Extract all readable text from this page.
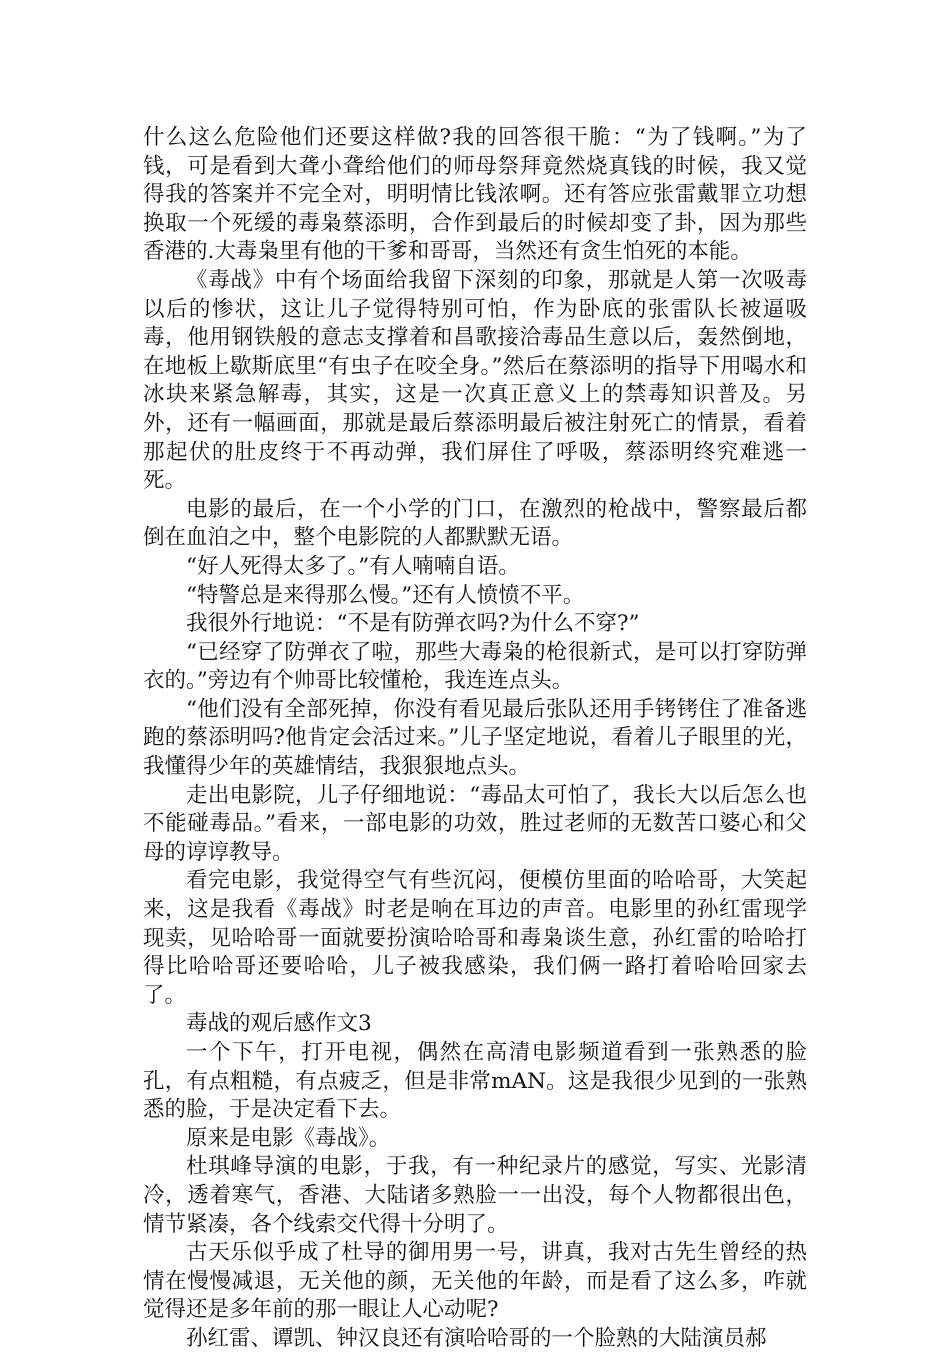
什么这么危险他们还要这样做?我的回答很干脆：“为了钱啊。”为了钱，可是看到大聋小聋给他们的师母祭拜竟然烧真钱的时候，我又觉得我的答案并不完全对，明明情比钱浓啊。还有答应张雷戴罪立功想换取一个死缓的毒枭蔡添明，合作到最后的时候却变了卦，因为那些香港的.大毒枭里有他的干爹和哥哥，当然还有贪生怕死的本能。

《毒战》中有个场面给我留下深刻的印象，那就是人第一次吸毒以后的惨状，这让儿子觉得特别可怕，作为卧底的张雷队长被逼吸毒，他用钢铁般的意志支撑着和昌歌接洽毒品生意以后，轰然倒地，在地板上歇斯底里“有虫子在咬全身。”然后在蔡添明的指导下用喝水和冰块来紧急解毒，其实，这是一次真正意义上的禁毒知识普及。另外，还有一幅画面，那就是最后蔡添明最后被注射死亡的情景，看着那起伏的肚皮终于不再动弹，我们屏住了呼吸，蔡添明终究难逃一死。

电影的最后，在一个小学的门口，在激烈的枪战中，警察最后都倒在血泊之中，整个电影院的人都默默无语。

“好人死得太多了。”有人喃喃自语。

“特警总是来得那么慢。”还有人愤愤不平。

我很外行地说：“不是有防弹衣吗?为什么不穿?”

“已经穿了防弹衣了啦，那些大毒枭的枪很新式，是可以打穿防弹衣的。”旁边有个帅哥比较懂枪，我连连点头。

“他们没有全部死掉，你没有看见最后张队还用手铐铐住了准备逃跑的蔡添明吗?他肯定会活过来。”儿子坚定地说，看着儿子眼里的光，我懂得少年的英雄情结，我狠狠地点头。

走出电影院，儿子仔细地说：“毒品太可怕了，我长大以后怎么也不能碰毒品。”看来，一部电影的功效，胜过老师的无数苦口婆心和父母的谆谆教导。

看完电影，我觉得空气有些沉闷，便模仿里面的哈哈哥，大笑起来，这是我看《毒战》时老是响在耳边的声音。电影里的孙红雷现学现卖，见哈哈哥一面就要扮演哈哈哥和毒枭谈生意，孙红雷的哈哈打得比哈哈哥还要哈哈，儿子被我感染，我们俩一路打着哈哈回家去了。

毒战的观后感作文3

一个下午，打开电视，偶然在高清电影频道看到一张熟悉的脸孔，有点粗糙，有点疲乏，但是非常mAN。这是我很少见到的一张熟悉的脸，于是决定看下去。

原来是电影《毒战》。

杜琪峰导演的电影，于我，有一种纪录片的感觉，写实、光影清冷，透着寒气，香港、大陆诸多熟脸一一出没，每个人物都很出色，情节紧凑，各个线索交代得十分明了。

古天乐似乎成了杜导的御用男一号，讲真，我对古先生曾经的热情在慢慢减退，无关他的颜，无关他的年龄，而是看了这么多，咋就觉得还是多年前的那一眼让人心动呢?

孙红雷、谭凯、钟汉良还有演哈哈哥的一个脸熟的大陆演员郝
